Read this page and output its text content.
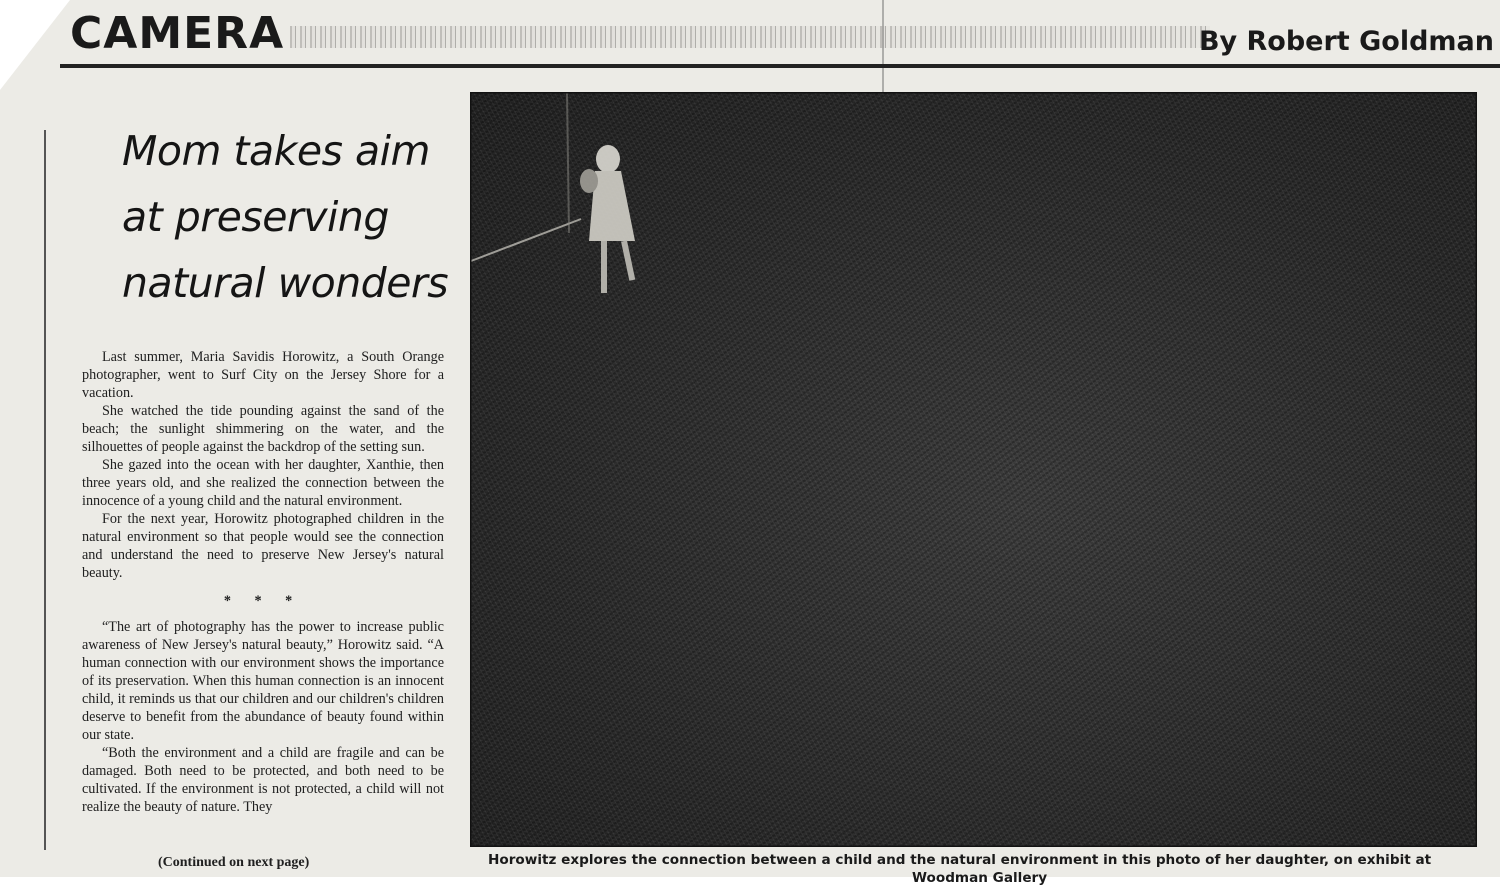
CAMERA	By Robert Goldman
Mom takes aim
at preserving
natural wonders

Last summer, Maria Savidis Horowitz, a South Orange photographer, went to Surf City on the Jersey Shore for a vacation.

She watched the tide pounding against the sand of the beach; the sunlight shimmering on the water, and the silhouettes of people against the backdrop of the setting sun.

She gazed into the ocean with her daughter, Xanthie, then three years old, and she realized the connection between the innocence of a young child and the natural environment.

For the next year, Horowitz photographed children in the natural environment so that people would see the connection and understand the need to preserve New Jersey's natural beauty.

* * *

“The art of photography has the power to increase public awareness of New Jersey's natural beauty,” Horowitz said. “A human connection with our environment shows the importance of its preservation. When this human connection is an innocent child, it reminds us that our children and our children's children deserve to benefit from the abundance of beauty found within our state.

“Both the environment and a child are fragile and can be damaged. Both need to be protected, and both need to be cultivated. If the environment is not protected, a child will not realize the beauty of nature. They

(Continued on next page)	Horowitz explores the connection between a child and the natural environment in this photo of her daughter, on exhibit at
Woodman Gallery
